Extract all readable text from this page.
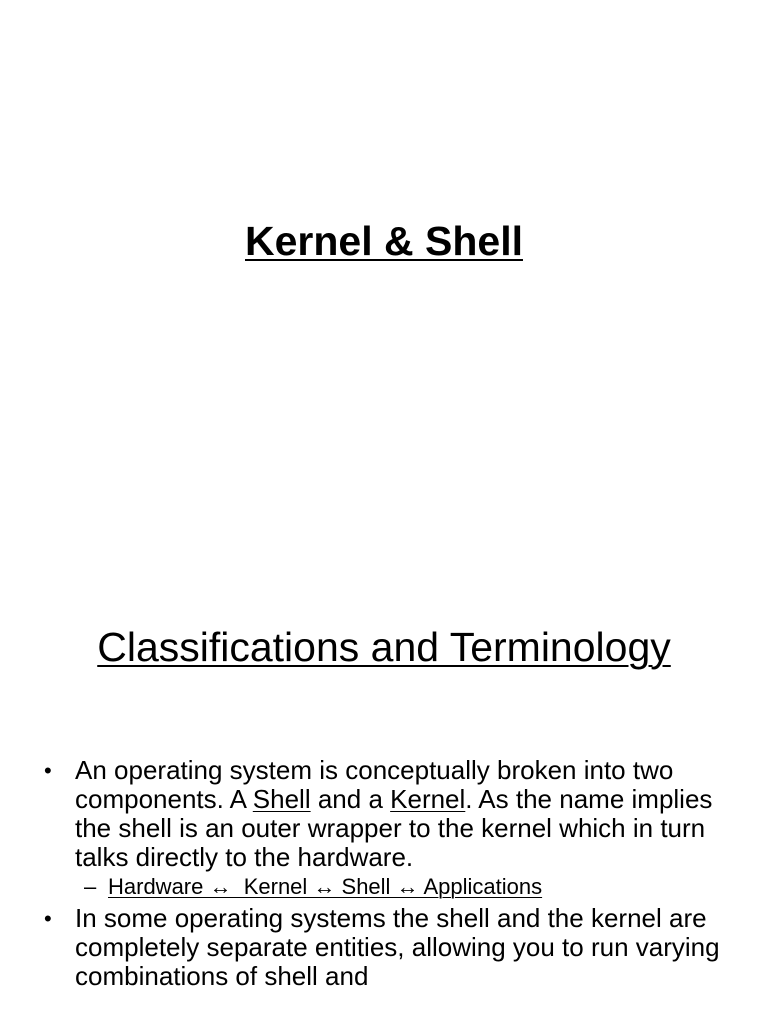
Kernel & Shell
Classifications and Terminology

• An operating system is conceptually broken into two components. A Shell and a Kernel. As the name implies the shell is an outer wrapper to the kernel which in turn talks directly to the hardware.

– Hardware ↔  Kernel ↔ Shell ↔ Applications

• In some operating systems the shell and the kernel are completely separate entities, allowing you to run varying combinations of shell and
